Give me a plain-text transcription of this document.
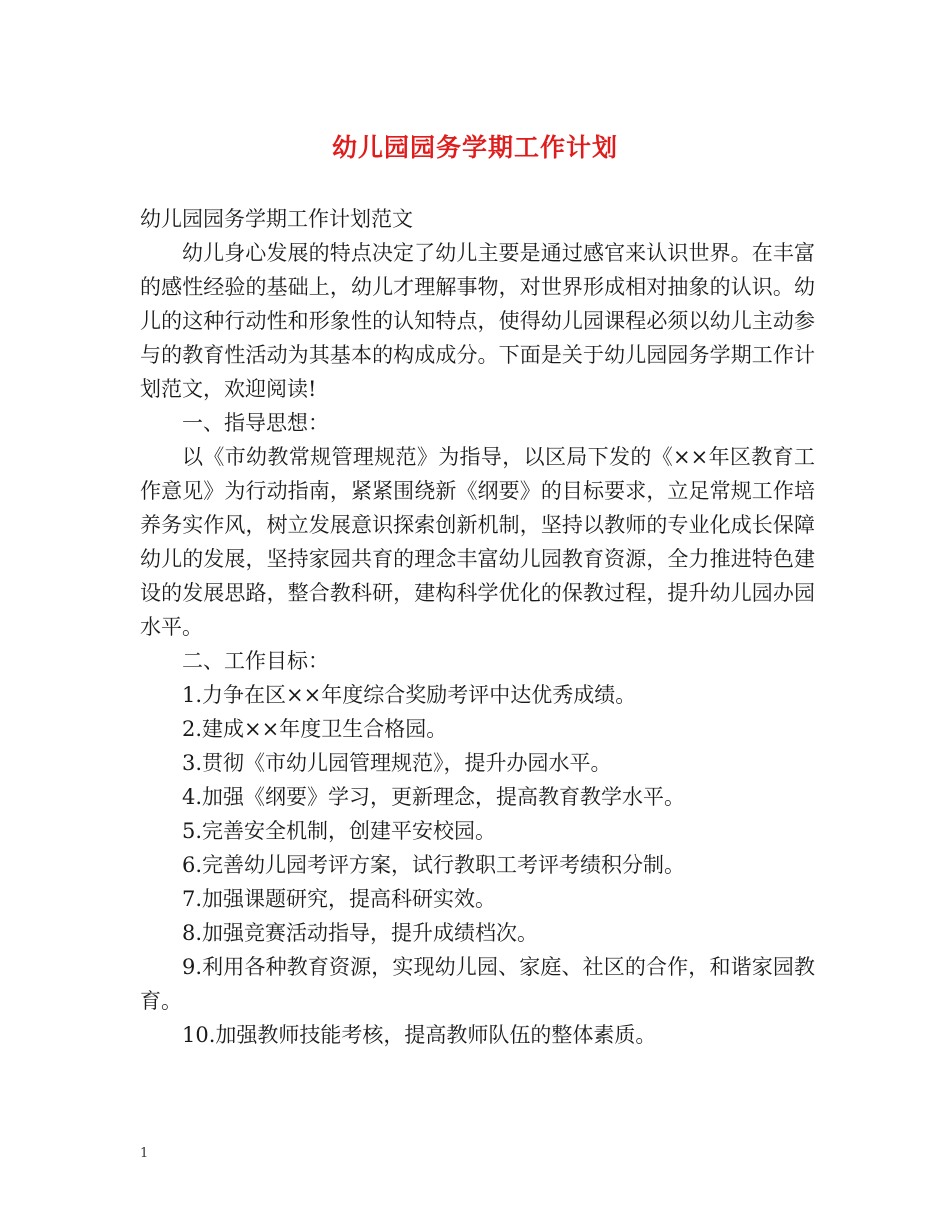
幼儿园园务学期工作计划

幼儿园园务学期工作计划范文

幼儿身心发展的特点决定了幼儿主要是通过感官来认识世界。在丰富的感性经验的基础上，幼儿才理解事物，对世界形成相对抽象的认识。幼儿的这种行动性和形象性的认知特点，使得幼儿园课程必须以幼儿主动参与的教育性活动为其基本的构成成分。下面是关于幼儿园园务学期工作计划范文，欢迎阅读!

一、指导思想：

以《市幼教常规管理规范》为指导，以区局下发的《××年区教育工作意见》为行动指南，紧紧围绕新《纲要》的目标要求，立足常规工作培养务实作风，树立发展意识探索创新机制，坚持以教师的专业化成长保障幼儿的发展，坚持家园共育的理念丰富幼儿园教育资源，全力推进特色建设的发展思路，整合教科研，建构科学优化的保教过程，提升幼儿园办园水平。

二、工作目标：

1.力争在区××年度综合奖励考评中达优秀成绩。

2.建成××年度卫生合格园。

3.贯彻《市幼儿园管理规范》，提升办园水平。

4.加强《纲要》学习，更新理念，提高教育教学水平。

5.完善安全机制，创建平安校园。

6.完善幼儿园考评方案，试行教职工考评考绩积分制。

7.加强课题研究，提高科研实效。

8.加强竞赛活动指导，提升成绩档次。

9.利用各种教育资源，实现幼儿园、家庭、社区的合作，和谐家园教育。

10.加强教师技能考核，提高教师队伍的整体素质。

1
